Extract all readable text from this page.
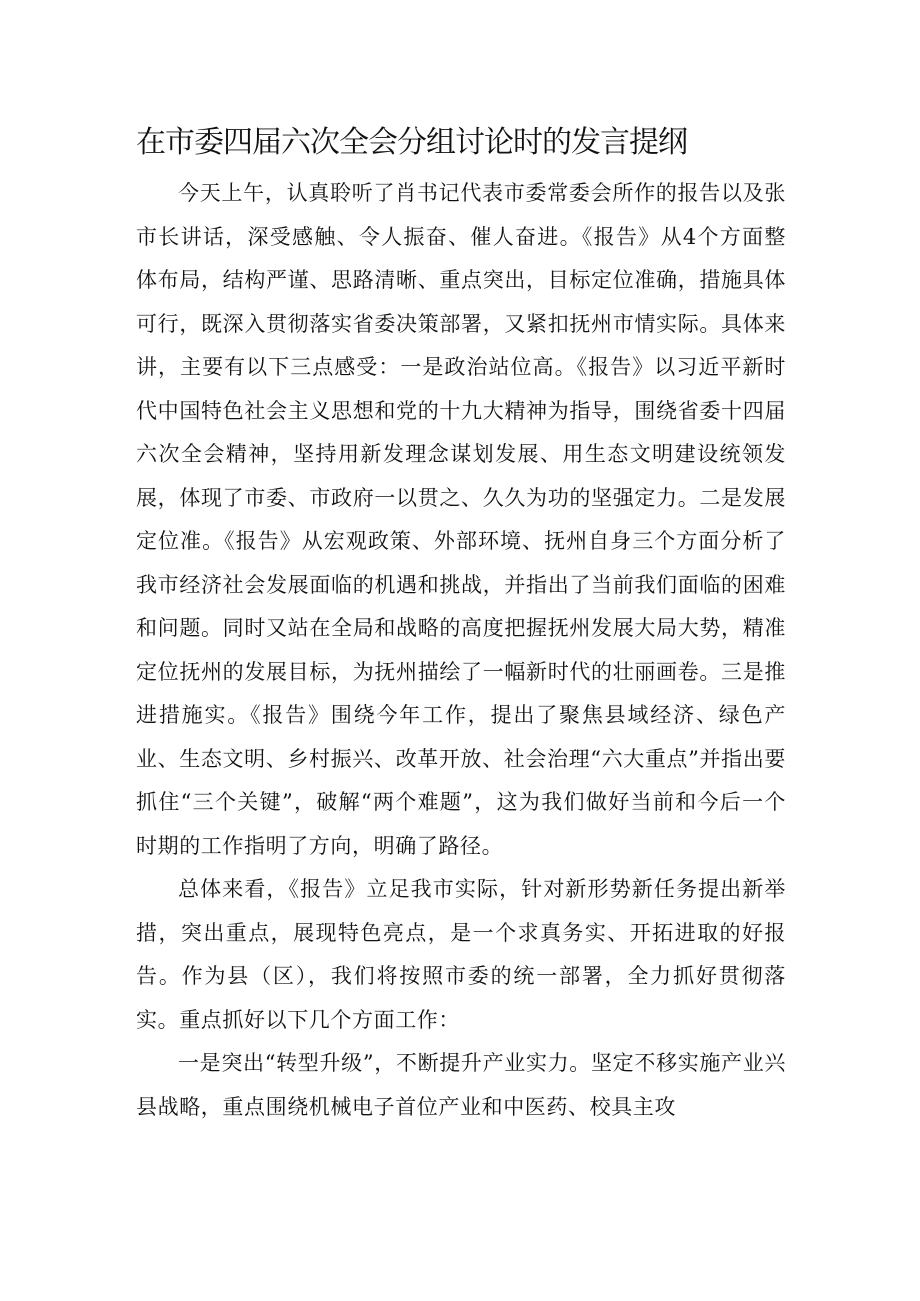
在市委四届六次全会分组讨论时的发言提纲

今天上午，认真聆听了肖书记代表市委常委会所作的报告以及张市长讲话，深受感触、令人振奋、催人奋进。《报告》从4个方面整体布局，结构严谨、思路清晰、重点突出，目标定位准确，措施具体可行，既深入贯彻落实省委决策部署，又紧扣抚州市情实际。具体来讲，主要有以下三点感受：一是政治站位高。《报告》以习近平新时代中国特色社会主义思想和党的十九大精神为指导，围绕省委十四届六次全会精神，坚持用新发理念谋划发展、用生态文明建设统领发展，体现了市委、市政府一以贯之、久久为功的坚强定力。二是发展定位准。《报告》从宏观政策、外部环境、抚州自身三个方面分析了我市经济社会发展面临的机遇和挑战，并指出了当前我们面临的困难和问题。同时又站在全局和战略的高度把握抚州发展大局大势，精准定位抚州的发展目标，为抚州描绘了一幅新时代的壮丽画卷。三是推进措施实。《报告》围绕今年工作，提出了聚焦县域经济、绿色产业、生态文明、乡村振兴、改革开放、社会治理“六大重点”并指出要抓住“三个关键”，破解“两个难题”，这为我们做好当前和今后一个时期的工作指明了方向，明确了路径。

总体来看，《报告》立足我市实际，针对新形势新任务提出新举措，突出重点，展现特色亮点，是一个求真务实、开拓进取的好报告。作为县（区），我们将按照市委的统一部署，全力抓好贯彻落实。重点抓好以下几个方面工作：

一是突出“转型升级”，不断提升产业实力。坚定不移实施产业兴县战略，重点围绕机械电子首位产业和中医药、校具主攻
